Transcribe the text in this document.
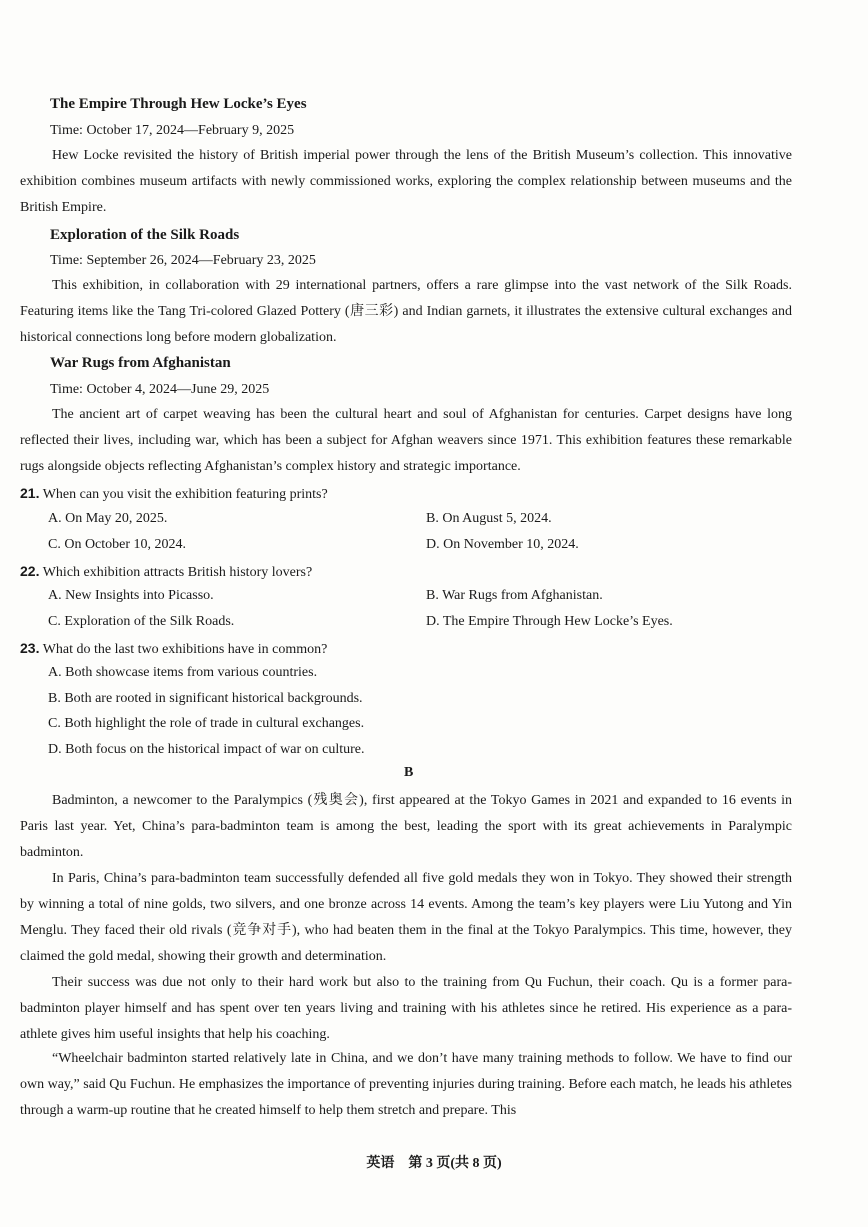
The Empire Through Hew Locke’s Eyes
Time: October 17, 2024—February 9, 2025
Hew Locke revisited the history of British imperial power through the lens of the British Museum’s collection. This innovative exhibition combines museum artifacts with newly commissioned works, exploring the complex relationship between museums and the British Empire.
Exploration of the Silk Roads
Time: September 26, 2024—February 23, 2025
This exhibition, in collaboration with 29 international partners, offers a rare glimpse into the vast network of the Silk Roads. Featuring items like the Tang Tri-colored Glazed Pottery (唐三彩) and Indian garnets, it illustrates the extensive cultural exchanges and historical connections long before modern globalization.
War Rugs from Afghanistan
Time: October 4, 2024—June 29, 2025
The ancient art of carpet weaving has been the cultural heart and soul of Afghanistan for centuries. Carpet designs have long reflected their lives, including war, which has been a subject for Afghan weavers since 1971. This exhibition features these remarkable rugs alongside objects reflecting Afghanistan’s complex history and strategic importance.
21. When can you visit the exhibition featuring prints?
A. On May 20, 2025.	B. On August 5, 2024.
C. On October 10, 2024.	D. On November 10, 2024.
22. Which exhibition attracts British history lovers?
A. New Insights into Picasso.	B. War Rugs from Afghanistan.
C. Exploration of the Silk Roads.	D. The Empire Through Hew Locke’s Eyes.
23. What do the last two exhibitions have in common?
A. Both showcase items from various countries.
B. Both are rooted in significant historical backgrounds.
C. Both highlight the role of trade in cultural exchanges.
D. Both focus on the historical impact of war on culture.
B
Badminton, a newcomer to the Paralympics (残奥会), first appeared at the Tokyo Games in 2021 and expanded to 16 events in Paris last year. Yet, China’s para-badminton team is among the best, leading the sport with its great achievements in Paralympic badminton.
In Paris, China’s para-badminton team successfully defended all five gold medals they won in Tokyo. They showed their strength by winning a total of nine golds, two silvers, and one bronze across 14 events. Among the team’s key players were Liu Yutong and Yin Menglu. They faced their old rivals (竞争对手), who had beaten them in the final at the Tokyo Paralympics. This time, however, they claimed the gold medal, showing their growth and determination.
Their success was due not only to their hard work but also to the training from Qu Fuchun, their coach. Qu is a former para-badminton player himself and has spent over ten years living and training with his athletes since he retired. His experience as a para-athlete gives him useful insights that help his coaching.
“Wheelchair badminton started relatively late in China, and we don’t have many training methods to follow. We have to find our own way,” said Qu Fuchun. He emphasizes the importance of preventing injuries during training. Before each match, he leads his athletes through a warm-up routine that he created himself to help them stretch and prepare. This
英语　第 3 页(共 8 页)
